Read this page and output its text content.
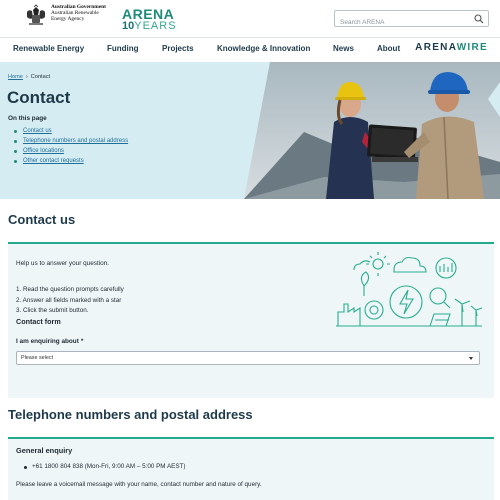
Australian Government
Australian Renewable
Energy Agency	ARENA
10YEARS
Search ARENA
Renewable Energy	Funding	Projects	Knowledge & Innovation	News	About ARENAWIRE
Home › Contact
Contact
On this page
Contact us
Telephone numbers and postal address
Office locations
Other contact requests
Contact us
Help us to answer your question.
1. Read the question prompts carefully
2. Answer all fields marked with a star
3. Click the submit button.
Contact form
I am enquiring about *
Please select
Telephone numbers and postal address
General enquiry
+61 1800 804 838 (Mon-Fri, 9:00 AM – 5:00 PM AEST)
Please leave a voicemail message with your name, contact number and nature of query.
